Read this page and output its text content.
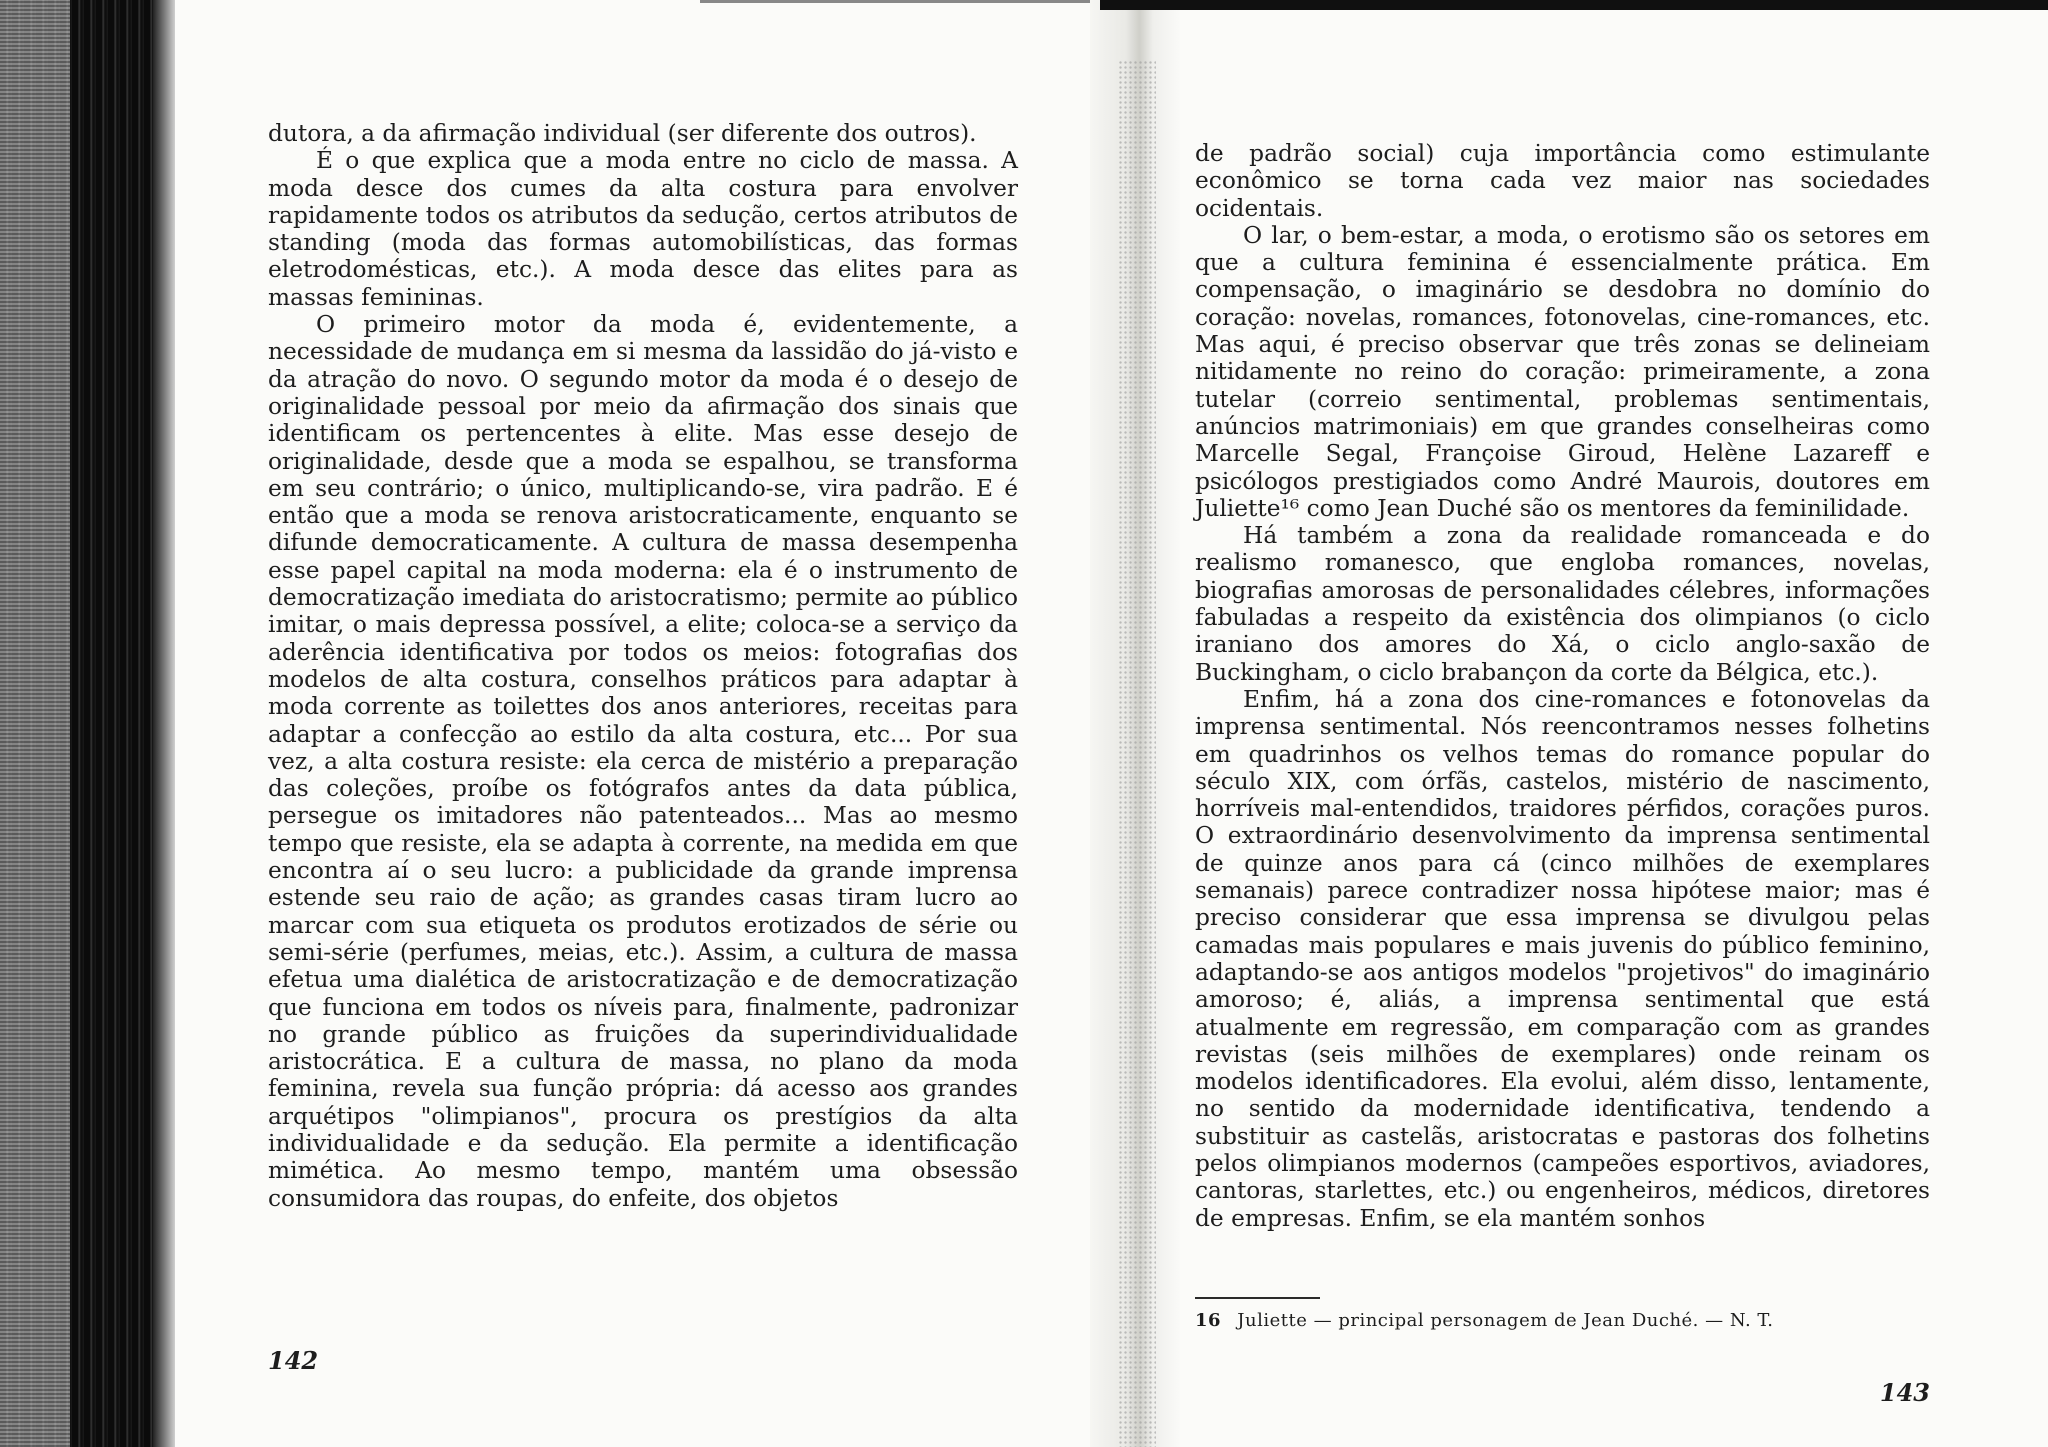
dutora, a da afirmação individual (ser diferente dos outros).

É o que explica que a moda entre no ciclo de massa. A moda desce dos cumes da alta costura para envolver rapidamente todos os atributos da sedução, certos atributos de standing (moda das formas automobilísticas, das formas eletrodomésticas, etc.). A moda desce das elites para as massas femininas.

O primeiro motor da moda é, evidentemente, a necessidade de mudança em si mesma da lassidão do já-visto e da atração do novo. O segundo motor da moda é o desejo de originalidade pessoal por meio da afirmação dos sinais que identificam os pertencentes à elite. Mas esse desejo de originalidade, desde que a moda se espalhou, se transforma em seu contrário; o único, multiplicando-se, vira padrão. E é então que a moda se renova aristocraticamente, enquanto se difunde democraticamente. A cultura de massa desempenha esse papel capital na moda moderna: ela é o instrumento de democratização imediata do aristocratismo; permite ao público imitar, o mais depressa possível, a elite; coloca-se a serviço da aderência identificativa por todos os meios: fotografias dos modelos de alta costura, conselhos práticos para adaptar à moda corrente as toilettes dos anos anteriores, receitas para adaptar a confecção ao estilo da alta costura, etc... Por sua vez, a alta costura resiste: ela cerca de mistério a preparação das coleções, proíbe os fotógrafos antes da data pública, persegue os imitadores não patenteados... Mas ao mesmo tempo que resiste, ela se adapta à corrente, na medida em que encontra aí o seu lucro: a publicidade da grande imprensa estende seu raio de ação; as grandes casas tiram lucro ao marcar com sua etiqueta os produtos erotizados de série ou semi-série (perfumes, meias, etc.). Assim, a cultura de massa efetua uma dialética de aristocratização e de democratização que funciona em todos os níveis para, finalmente, padronizar no grande público as fruições da superindividualidade aristocrática. E a cultura de massa, no plano da moda feminina, revela sua função própria: dá acesso aos grandes arquétipos "olimpianos", procura os prestígios da alta individualidade e da sedução. Ela permite a identificação mimética. Ao mesmo tempo, mantém uma obsessão consumidora das roupas, do enfeite, dos objetos

142

de padrão social) cuja importância como estimulante econômico se torna cada vez maior nas sociedades ocidentais.

O lar, o bem-estar, a moda, o erotismo são os setores em que a cultura feminina é essencialmente prática. Em compensação, o imaginário se desdobra no domínio do coração: novelas, romances, fotonovelas, cine-romances, etc. Mas aqui, é preciso observar que três zonas se delineiam nitidamente no reino do coração: primeiramente, a zona tutelar (correio sentimental, problemas sentimentais, anúncios matrimoniais) em que grandes conselheiras como Marcelle Segal, Françoise Giroud, Helène Lazareff e psicólogos prestigiados como André Maurois, doutores em Juliette¹⁶ como Jean Duché são os mentores da feminilidade.

Há também a zona da realidade romanceada e do realismo romanesco, que engloba romances, novelas, biografias amorosas de personalidades célebres, informações fabuladas a respeito da existência dos olimpianos (o ciclo iraniano dos amores do Xá, o ciclo anglo-saxão de Buckingham, o ciclo brabançon da corte da Bélgica, etc.).

Enfim, há a zona dos cine-romances e fotonovelas da imprensa sentimental. Nós reencontramos nesses folhetins em quadrinhos os velhos temas do romance popular do século XIX, com órfãs, castelos, mistério de nascimento, horríveis mal-entendidos, traidores pérfidos, corações puros. O extraordinário desenvolvimento da imprensa sentimental de quinze anos para cá (cinco milhões de exemplares semanais) parece contradizer nossa hipótese maior; mas é preciso considerar que essa imprensa se divulgou pelas camadas mais populares e mais juvenis do público feminino, adaptando-se aos antigos modelos "projetivos" do imaginário amoroso; é, aliás, a imprensa sentimental que está atualmente em regressão, em comparação com as grandes revistas (seis milhões de exemplares) onde reinam os modelos identificadores. Ela evolui, além disso, lentamente, no sentido da modernidade identificativa, tendendo a substituir as castelãs, aristocratas e pastoras dos folhetins pelos olimpianos modernos (campeões esportivos, aviadores, cantoras, starlettes, etc.) ou engenheiros, médicos, diretores de empresas. Enfim, se ela mantém sonhos

16 Juliette — principal personagem de Jean Duché. — N. T.
143
